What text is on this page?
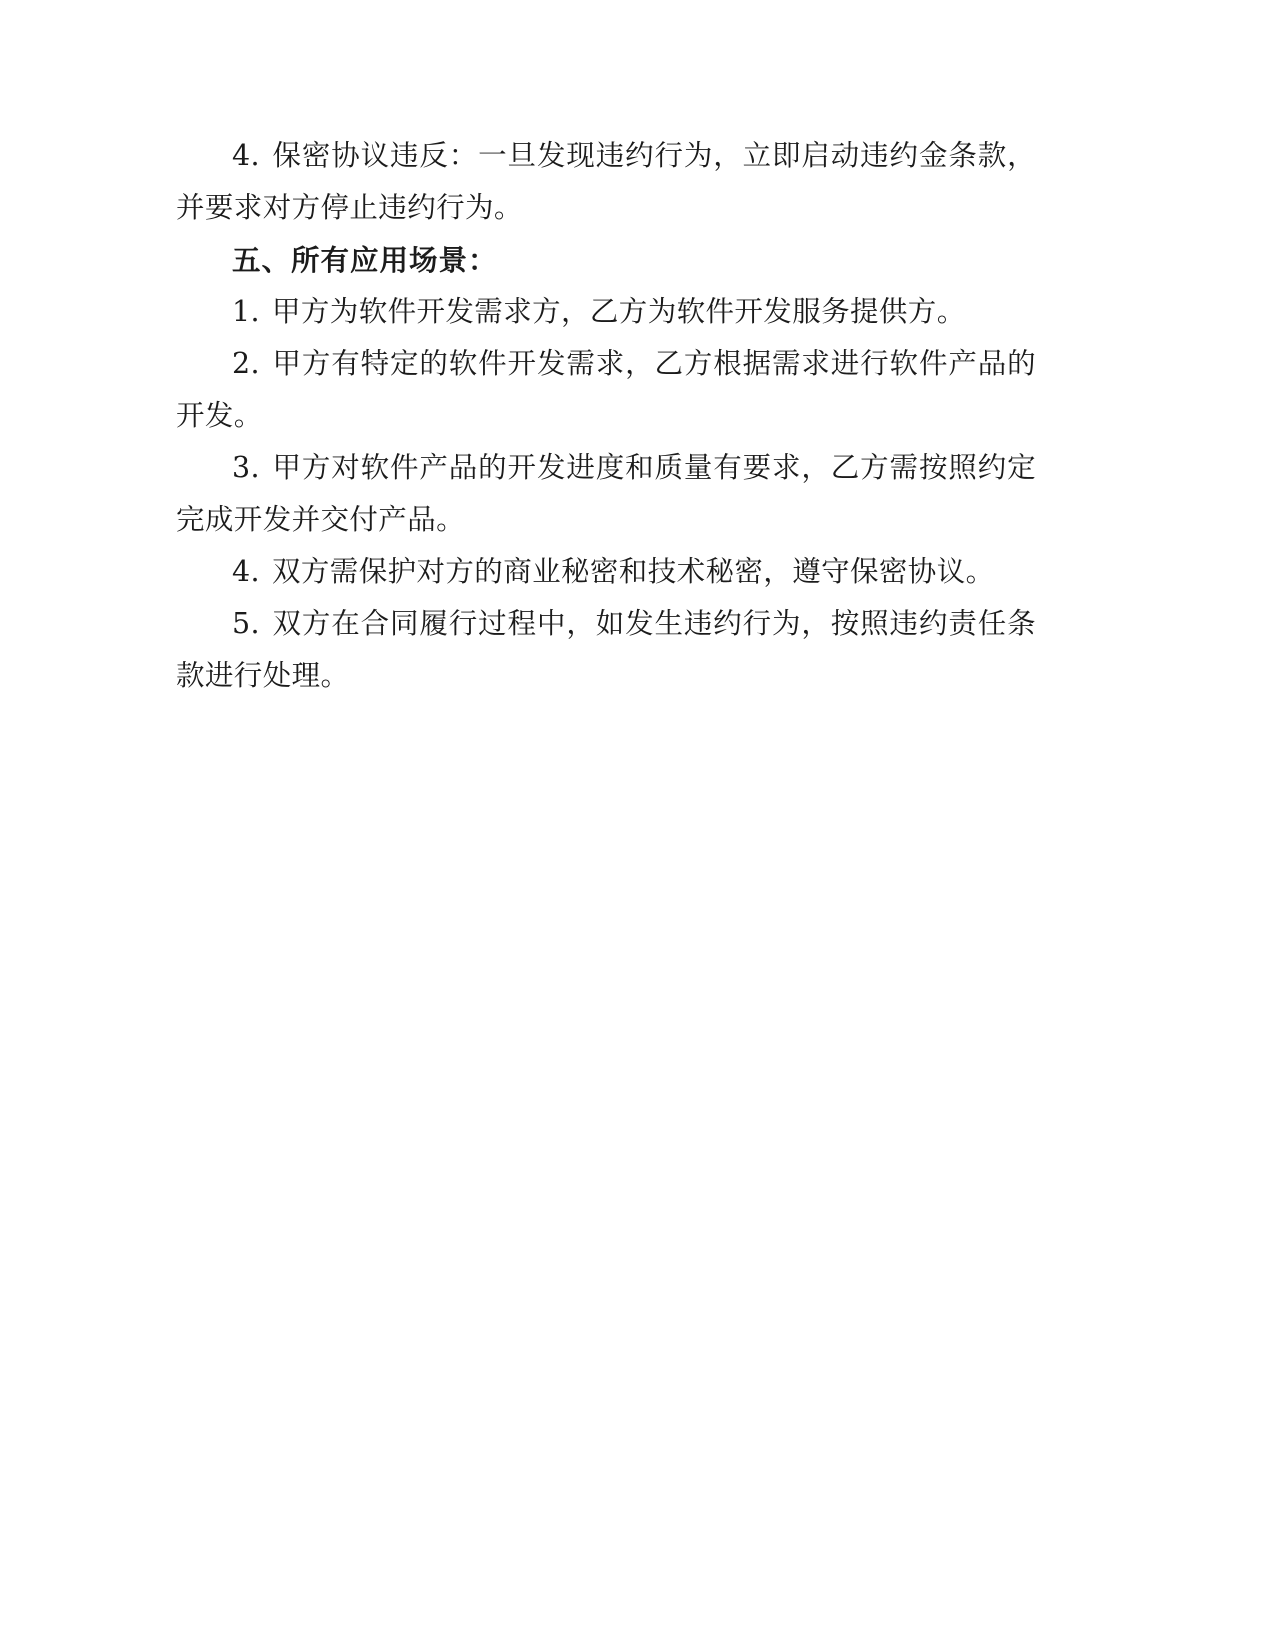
4. 保密协议违反：一旦发现违约行为，立即启动违约金条款，并要求对方停止违约行为。

五、所有应用场景：

1. 甲方为软件开发需求方，乙方为软件开发服务提供方。

2. 甲方有特定的软件开发需求，乙方根据需求进行软件产品的开发。

3. 甲方对软件产品的开发进度和质量有要求，乙方需按照约定完成开发并交付产品。

4. 双方需保护对方的商业秘密和技术秘密，遵守保密协议。

5. 双方在合同履行过程中，如发生违约行为，按照违约责任条款进行处理。
